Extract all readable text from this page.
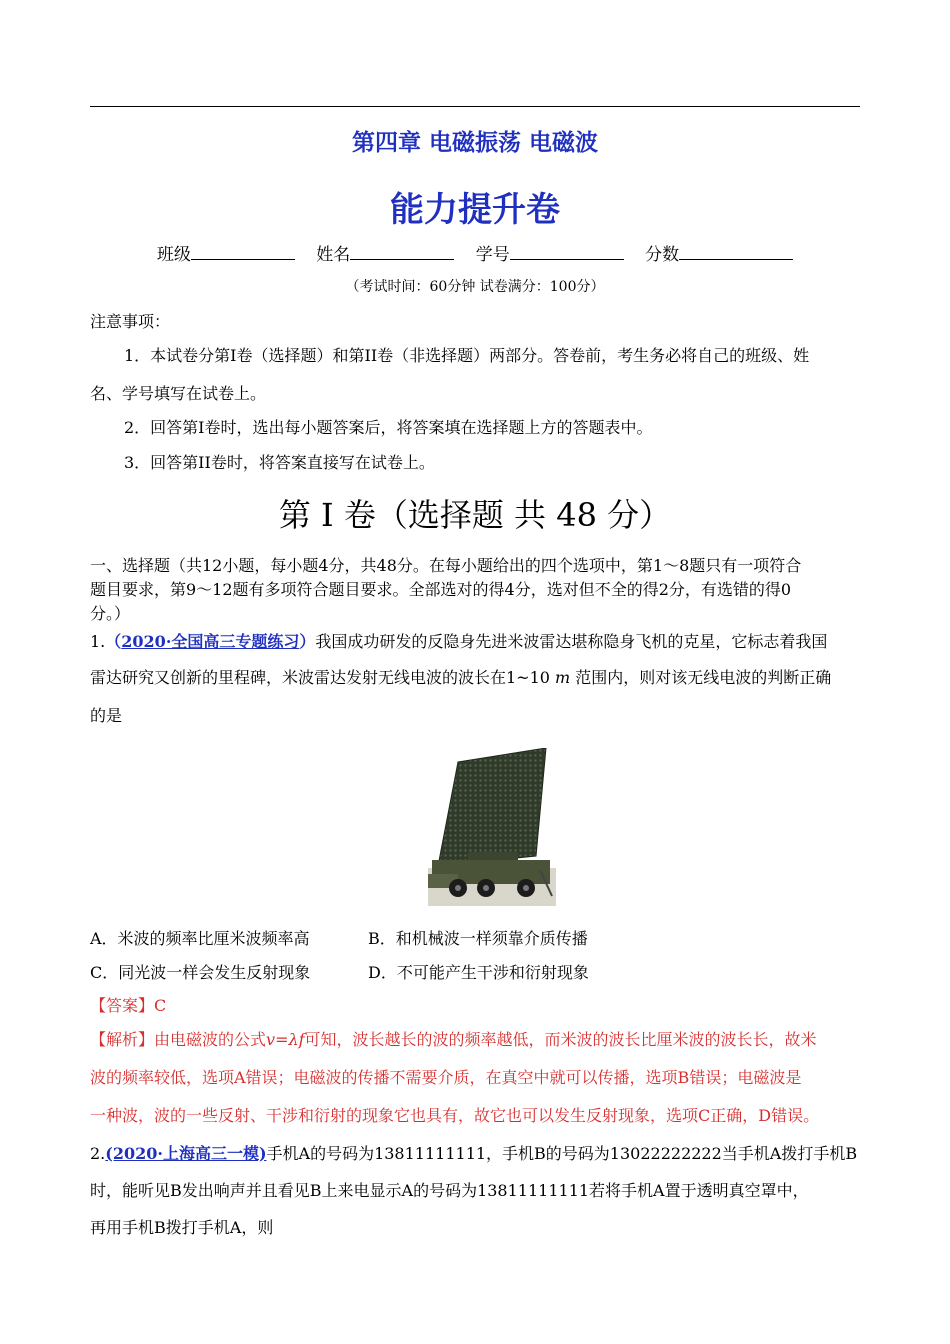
第四章 电磁振荡 电磁波
能力提升卷
班级	姓名	学号	分数
（考试时间：60分钟 试卷满分：100分）
注意事项：
1．本试卷分第I卷（选择题）和第II卷（非选择题）两部分。答卷前，考生务必将自己的班级、姓
名、学号填写在试卷上。
2．回答第I卷时，选出每小题答案后，将答案填在选择题上方的答题表中。
3．回答第II卷时，将答案直接写在试卷上。
第 I 卷（选择题 共 48 分）
一、选择题（共12小题，每小题4分，共48分。在每小题给出的四个选项中，第1～8题只有一项符合
题目要求，第9～12题有多项符合题目要求。全部选对的得4分，选对但不全的得2分，有选错的得0
分。）
1.（2020·全国高三专题练习）我国成功研发的反隐身先进米波雷达堪称隐身飞机的克星，它标志着我国
雷达研究又创新的里程碑，米波雷达发射无线电波的波长在1~10 m 范围内，则对该无线电波的判断正确
的是
A．米波的频率比厘米波频率高	B．和机械波一样须靠介质传播
C．同光波一样会发生反射现象	D．不可能产生干涉和衍射现象
【答案】C
【解析】由电磁波的公式v=λf可知，波长越长的波的频率越低，而米波的波长比厘米波的波长长，故米
波的频率较低，选项A错误；电磁波的传播不需要介质，在真空中就可以传播，选项B错误；电磁波是
一种波，波的一些反射、干涉和衍射的现象它也具有，故它也可以发生反射现象，选项C正确，D错误。
2.(2020·上海高三一模)手机A的号码为13811111111，手机B的号码为13022222222当手机A拨打手机B
时，能听见B发出响声并且看见B上来电显示A的号码为13811111111若将手机A置于透明真空罩中，
再用手机B拨打手机A，则
